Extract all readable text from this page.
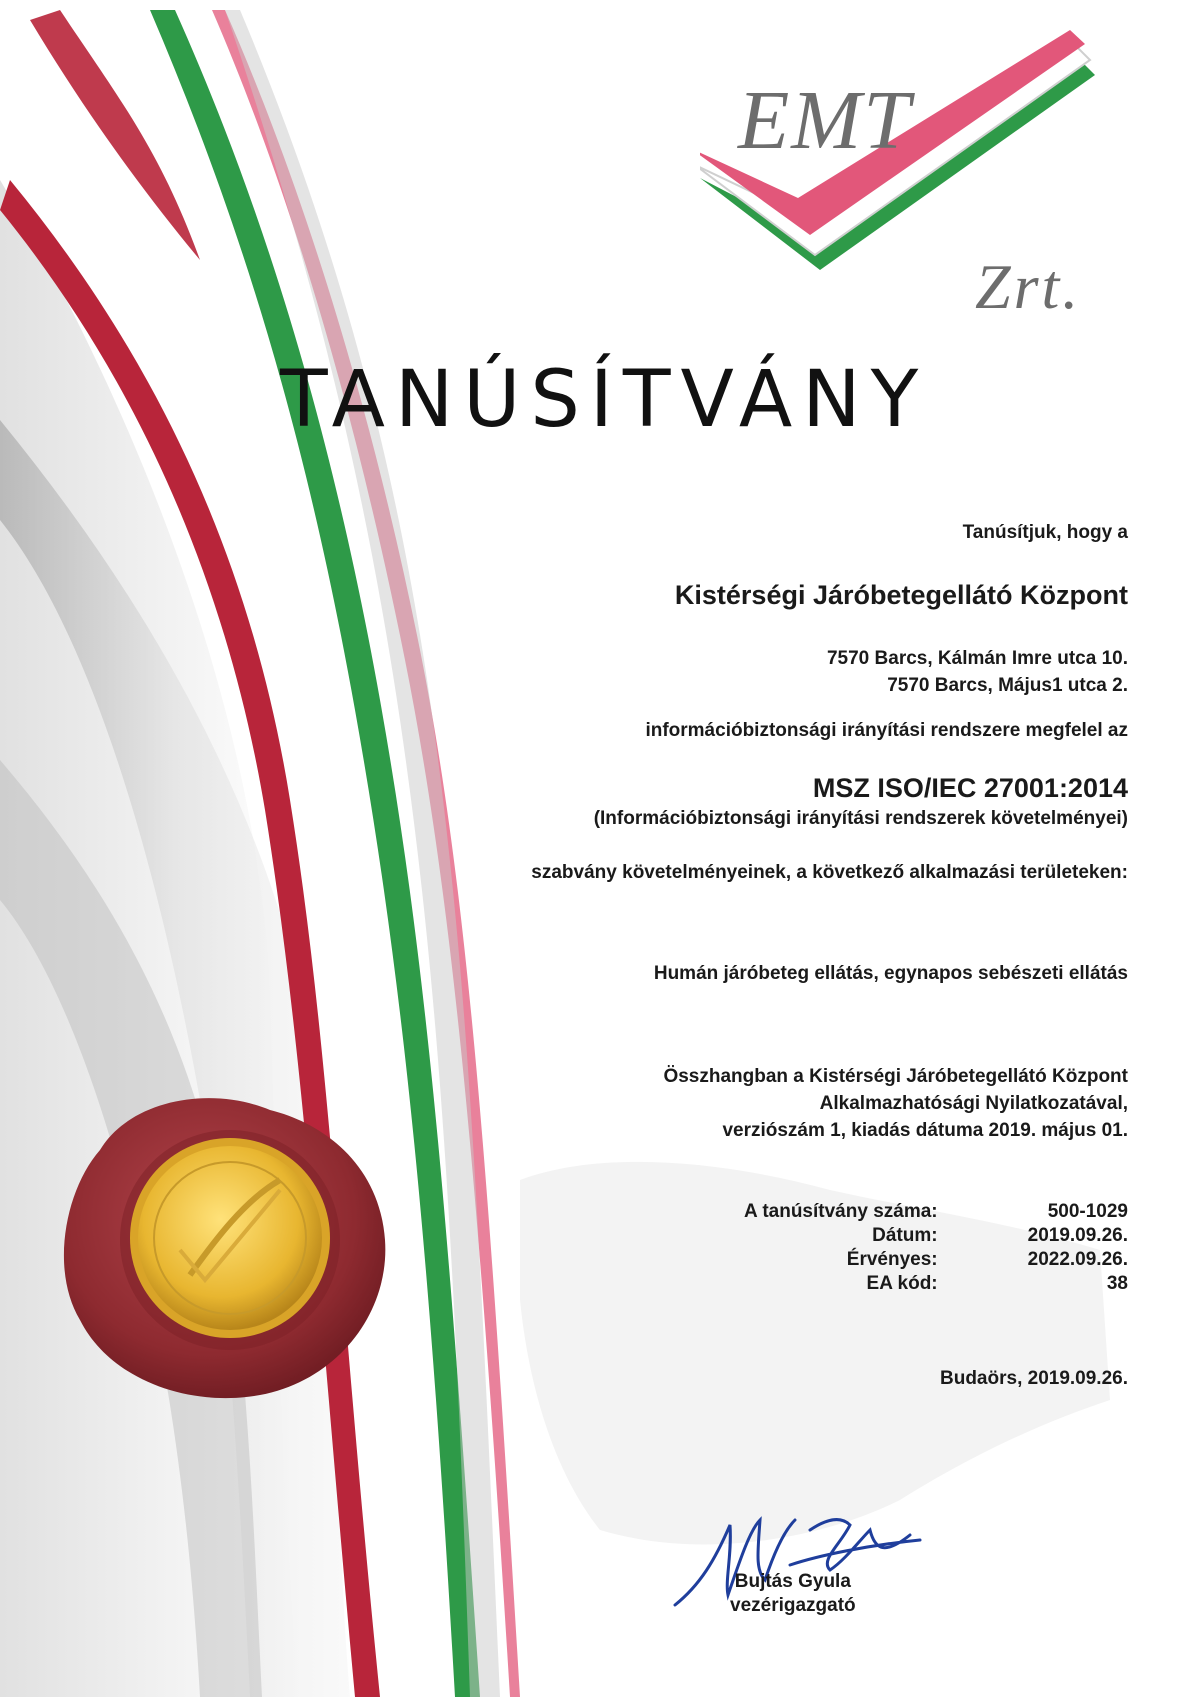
EMT
Zrt.
TANÚSÍTVÁNY
Tanúsítjuk, hogy a
Kistérségi Járóbetegellátó Központ
7570 Barcs, Kálmán Imre utca 10.
7570 Barcs, Május1 utca 2.
információbiztonsági irányítási rendszere megfelel az
MSZ ISO/IEC 27001:2014
(Információbiztonsági irányítási rendszerek követelményei)
szabvány követelményeinek, a következő alkalmazási területeken:
Humán járóbeteg ellátás, egynapos sebészeti ellátás
Összhangban a Kistérségi Járóbetegellátó Központ
Alkalmazhatósági Nyilatkozatával,
verziószám 1, kiadás dátuma 2019. május 01.
A tanúsítvány száma:	500-1029
Dátum:	2019.09.26.
Érvényes:	2022.09.26.
EA kód:	38
Budaörs, 2019.09.26.
Bujtás Gyula
vezérigazgató
